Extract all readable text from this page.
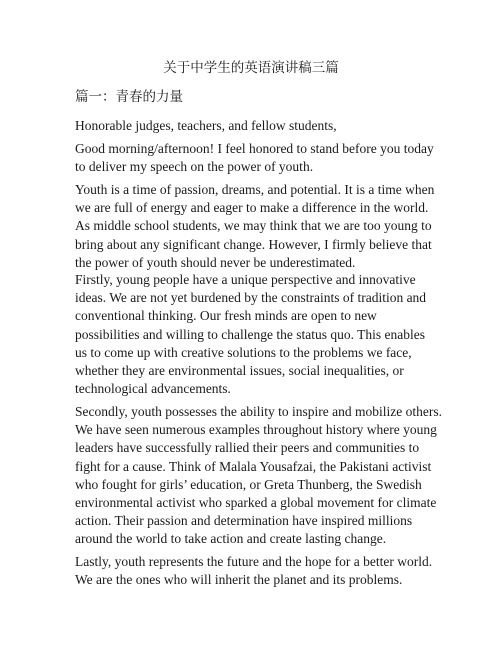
关于中学生的英语演讲稿三篇
篇一：青春的力量
Honorable judges, teachers, and fellow students,
Good morning/afternoon! I feel honored to stand before you today
to deliver my speech on the power of youth.
Youth is a time of passion, dreams, and potential. It is a time when
we are full of energy and eager to make a difference in the world.
As middle school students, we may think that we are too young to
bring about any significant change. However, I firmly believe that
the power of youth should never be underestimated.
Firstly, young people have a unique perspective and innovative
ideas. We are not yet burdened by the constraints of tradition and
conventional thinking. Our fresh minds are open to new
possibilities and willing to challenge the status quo. This enables
us to come up with creative solutions to the problems we face,
whether they are environmental issues, social inequalities, or
technological advancements.
Secondly, youth possesses the ability to inspire and mobilize others.
We have seen numerous examples throughout history where young
leaders have successfully rallied their peers and communities to
fight for a cause. Think of Malala Yousafzai, the Pakistani activist
who fought for girls’ education, or Greta Thunberg, the Swedish
environmental activist who sparked a global movement for climate
action. Their passion and determination have inspired millions
around the world to take action and create lasting change.
Lastly, youth represents the future and the hope for a better world.
We are the ones who will inherit the planet and its problems.
